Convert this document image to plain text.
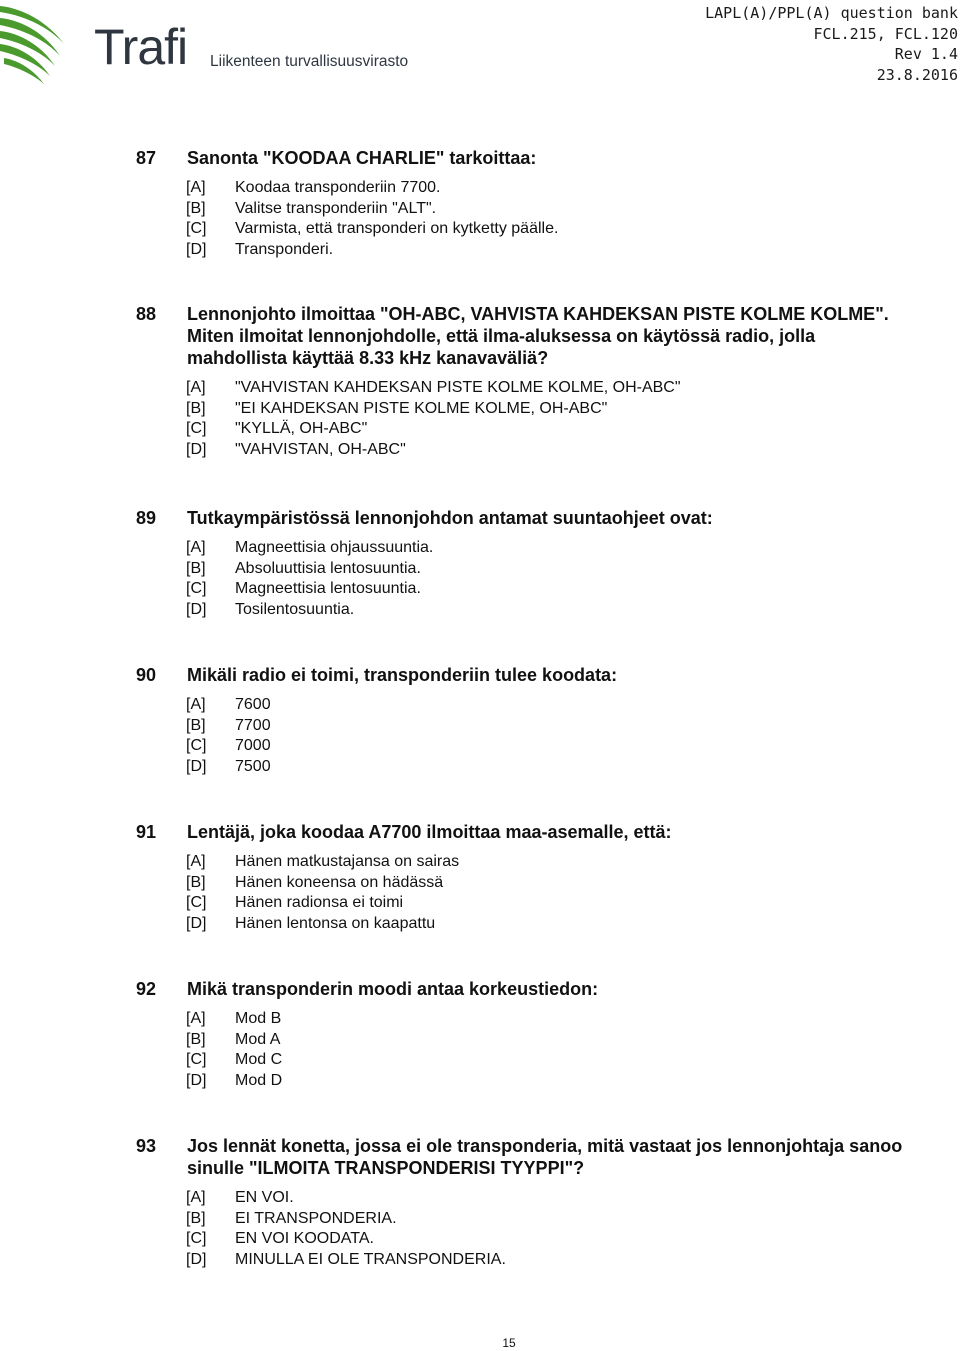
Trafi Liikenteen turvallisuusvirasto
LAPL(A)/PPL(A) question bank
FCL.215, FCL.120
Rev 1.4
23.8.2016
87 Sanonta "KOODAA CHARLIE" tarkoittaa:
[A] Koodaa transponderiin 7700.
[B] Valitse transponderiin "ALT".
[C] Varmista, että transponderi on kytketty päälle.
[D] Transponderi.
88 Lennonjohto ilmoittaa "OH-ABC, VAHVISTA KAHDEKSAN PISTE KOLME KOLME". Miten ilmoitat lennonjohdolle, että ilma-aluksessa on käytössä radio, jolla mahdollista käyttää 8.33 kHz kanavaväliä?
[A] "VAHVISTAN KAHDEKSAN PISTE KOLME KOLME, OH-ABC"
[B] "EI KAHDEKSAN PISTE KOLME KOLME, OH-ABC"
[C] "KYLLÄ, OH-ABC"
[D] "VAHVISTAN, OH-ABC"
89 Tutkaympäristössä lennonjohdon antamat suuntaohjeet ovat:
[A] Magneettisia ohjaussuuntia.
[B] Absoluuttisia lentosuuntia.
[C] Magneettisia lentosuuntia.
[D] Tosilentosuuntia.
90 Mikäli radio ei toimi, transponderiin tulee koodata:
[A] 7600
[B] 7700
[C] 7000
[D] 7500
91 Lentäjä, joka koodaa A7700 ilmoittaa maa-asemalle, että:
[A] Hänen matkustajansa on sairas
[B] Hänen koneensa on hädässä
[C] Hänen radionsa ei toimi
[D] Hänen lentonsa on kaapattu
92 Mikä transponderin moodi antaa korkeustiedon:
[A] Mod B
[B] Mod A
[C] Mod C
[D] Mod D
93 Jos lennät konetta, jossa ei ole transponderia, mitä vastaat jos lennonjohtaja sanoo sinulle "ILMOITA TRANSPONDERISI TYYPPI"?
[A] EN VOI.
[B] EI TRANSPONDERIA.
[C] EN VOI KOODATA.
[D] MINULLA EI OLE TRANSPONDERIA.
15
